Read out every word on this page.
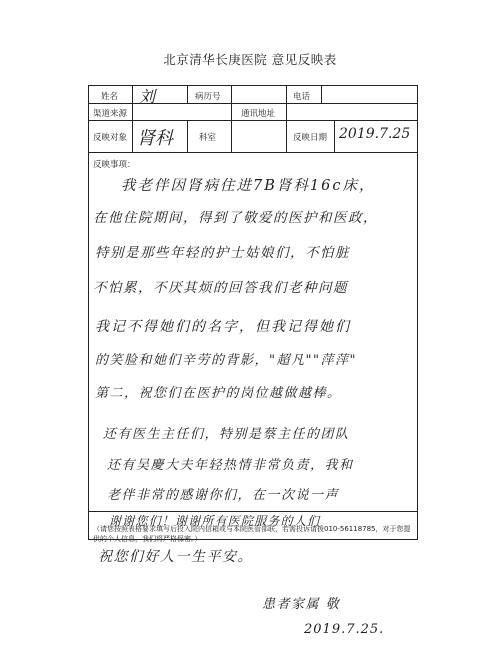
北京清华长庚医院 意见反映表
姓名 刘	病历号	电话
渠道来源	通讯地址
反映对象 肾科	科室	反映日期 2019.7.25
反映事项：
我老伴因肾病住进7B肾科16c床，
在他住院期间，得到了敬爱的医护和医政，
特别是那些年轻的护士姑娘们，不怕脏
不怕累，不厌其烦的回答我们老种问题
我记不得她们的名字，但我记得她们
的笑脸和她们辛劳的背影，"超凡""萍萍"
第二，祝您们在医护的岗位越做越棒。
还有医生主任们，特别是蔡主任的团队
还有吴慶大夫年轻热情非常负责，我和
老伴非常的感谢你们，在一次说一声
谢谢您们！谢谢所有医院服务的人们
（请您按照表格要求填写后投入院内信箱或与本院医管部联，若需投诉请拨010-56118785，对于您提供的个人信息，我们将严格保密。）
祝您们好人一生平安。
患者家属 敬
2019.7.25.
